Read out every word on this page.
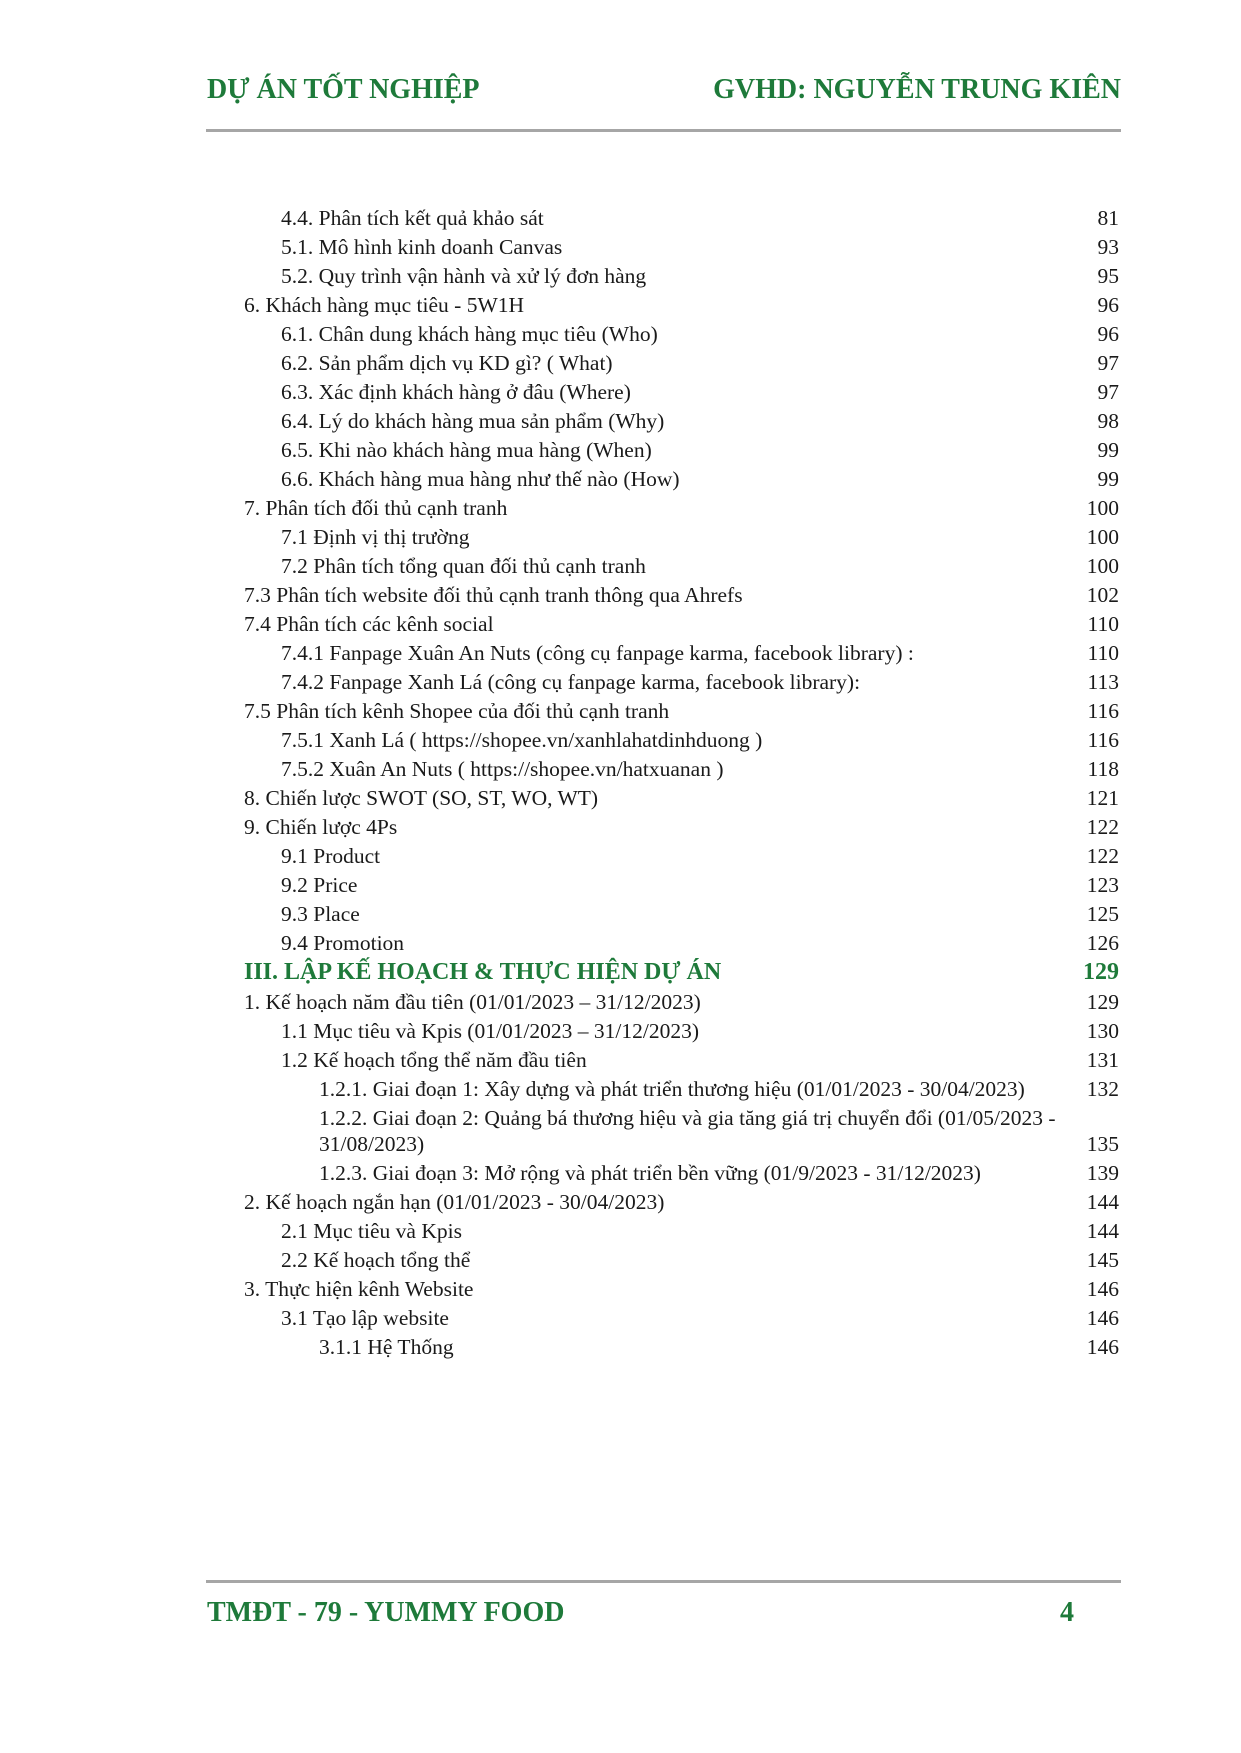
DỰ ÁN TỐT NGHIỆP	GVHD: NGUYỄN TRUNG KIÊN
4.4. Phân tích kết quả khảo sát	81
5.1. Mô hình kinh doanh Canvas	93
5.2. Quy trình vận hành và xử lý đơn hàng	95
6. Khách hàng mục tiêu - 5W1H	96
6.1. Chân dung khách hàng mục tiêu (Who)	96
6.2. Sản phẩm dịch vụ KD gì? ( What)	97
6.3. Xác định khách hàng ở đâu (Where)	97
6.4. Lý do khách hàng mua sản phẩm (Why)	98
6.5. Khi nào khách hàng mua hàng (When)	99
6.6. Khách hàng mua hàng như thế nào (How)	99
7. Phân tích đối thủ cạnh tranh	100
7.1 Định vị thị trường	100
7.2 Phân tích tổng quan đối thủ cạnh tranh	100
7.3 Phân tích website đối thủ cạnh tranh thông qua Ahrefs	102
7.4 Phân tích các kênh social	110
7.4.1 Fanpage Xuân An Nuts (công cụ fanpage karma, facebook library) :	110
7.4.2 Fanpage Xanh Lá (công cụ fanpage karma, facebook library):	113
7.5 Phân tích kênh Shopee của đối thủ cạnh tranh	116
7.5.1 Xanh Lá ( https://shopee.vn/xanhlahatdinhduong )	116
7.5.2 Xuân An Nuts ( https://shopee.vn/hatxuanan )	118
8. Chiến lược SWOT (SO, ST, WO, WT)	121
9. Chiến lược 4Ps	122
9.1 Product	122
9.2 Price	123
9.3 Place	125
9.4 Promotion	126
III. LẬP KẾ HOẠCH & THỰC HIỆN DỰ ÁN	129
1. Kế hoạch năm đầu tiên (01/01/2023 – 31/12/2023)	129
1.1 Mục tiêu và Kpis (01/01/2023 – 31/12/2023)	130
1.2 Kế hoạch tổng thể năm đầu tiên	131
1.2.1. Giai đoạn 1: Xây dựng và phát triển thương hiệu (01/01/2023 - 30/04/2023)	132
1.2.2. Giai đoạn 2: Quảng bá thương hiệu và gia tăng giá trị chuyển đổi (01/05/2023 - 31/08/2023)	135
1.2.3. Giai đoạn 3: Mở rộng và phát triển bền vững (01/9/2023 - 31/12/2023)	139
2. Kế hoạch ngắn hạn (01/01/2023 - 30/04/2023)	144
2.1 Mục tiêu và Kpis	144
2.2 Kế hoạch tổng thể	145
3. Thực hiện kênh Website	146
3.1 Tạo lập website	146
3.1.1 Hệ Thống	146
TMĐT - 79 - YUMMY FOOD	4
